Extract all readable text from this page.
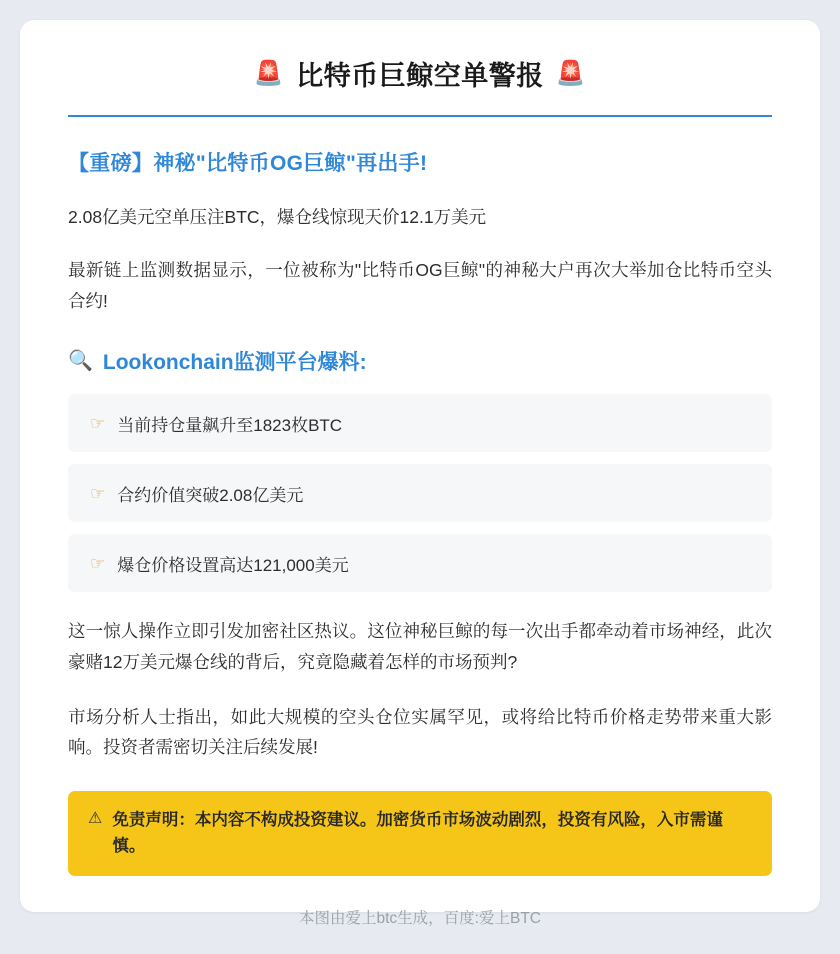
🚨 比特币巨鲸空单警报 🚨
【重磅】神秘"比特币OG巨鲸"再出手!
2.08亿美元空单压注BTC，爆仓线惊现天价12.1万美元
最新链上监测数据显示，一位被称为"比特币OG巨鲸"的神秘大户再次大举加仓比特币空头合约!
🔍 Lookonchain监测平台爆料:
☞ 当前持仓量飙升至1823枚BTC
☞ 合约价值突破2.08亿美元
☞ 爆仓价格设置高达121,000美元
这一惊人操作立即引发加密社区热议。这位神秘巨鲸的每一次出手都牵动着市场神经，此次豪赌12万美元爆仓线的背后，究竟隐藏着怎样的市场预判?
市场分析人士指出，如此大规模的空头仓位实属罕见，或将给比特币价格走势带来重大影响。投资者需密切关注后续发展!
⚠ 免责声明：本内容不构成投资建议。加密货币市场波动剧烈，投资有风险，入市需谨慎。
本图由爱上btc生成，百度:爱上BTC
